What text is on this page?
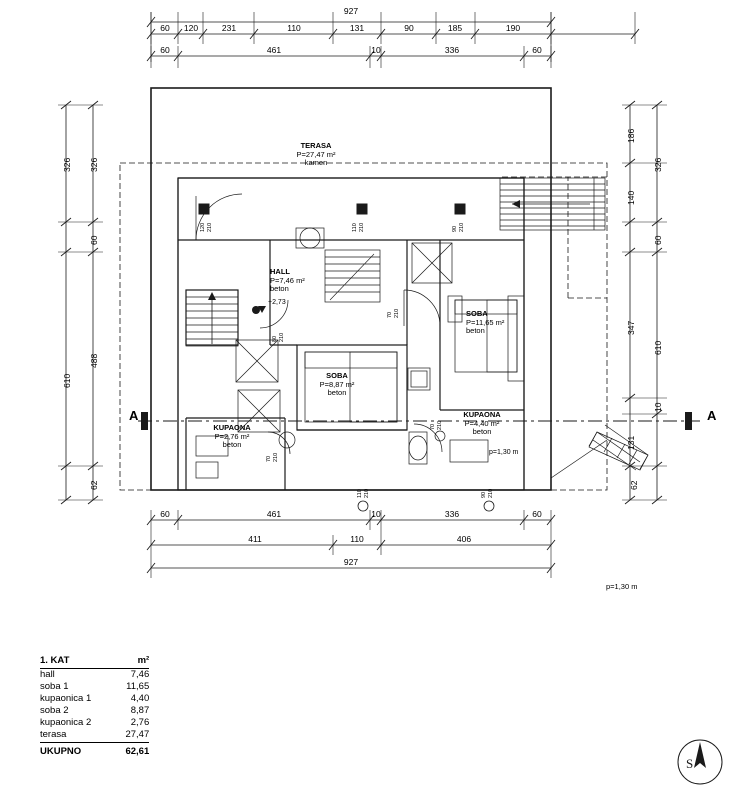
S
927
60 120	231	110	131	90	185	190
60	461	10	336	60
326
610
326
60
488
62
186
140
347
131
326
60
610
10
62
60	461	10	336	60
411	110	406
927
TERASA
P=27,47 m²
kamen
HALL
P=7,46 m²
beton
SOBA
P=8,87 m²
beton
SOBA
P=11,65 m²
beton
KUPAONA
P=4,40 m²
beton
KUPAONA
P=2,76 m²
beton
+2,73
120 210	110 210	90 210
70 210
80 210
70 210
70 210
110 210	90 210
p=1,30 m
p=1,30 m
A	A
1. KAT	m²
hall	7,46
soba 1	11,65
kupaonica 1	4,40
soba 2	8,87
kupaonica 2	2,76
terasa	27,47
UKUPNO	62,61
